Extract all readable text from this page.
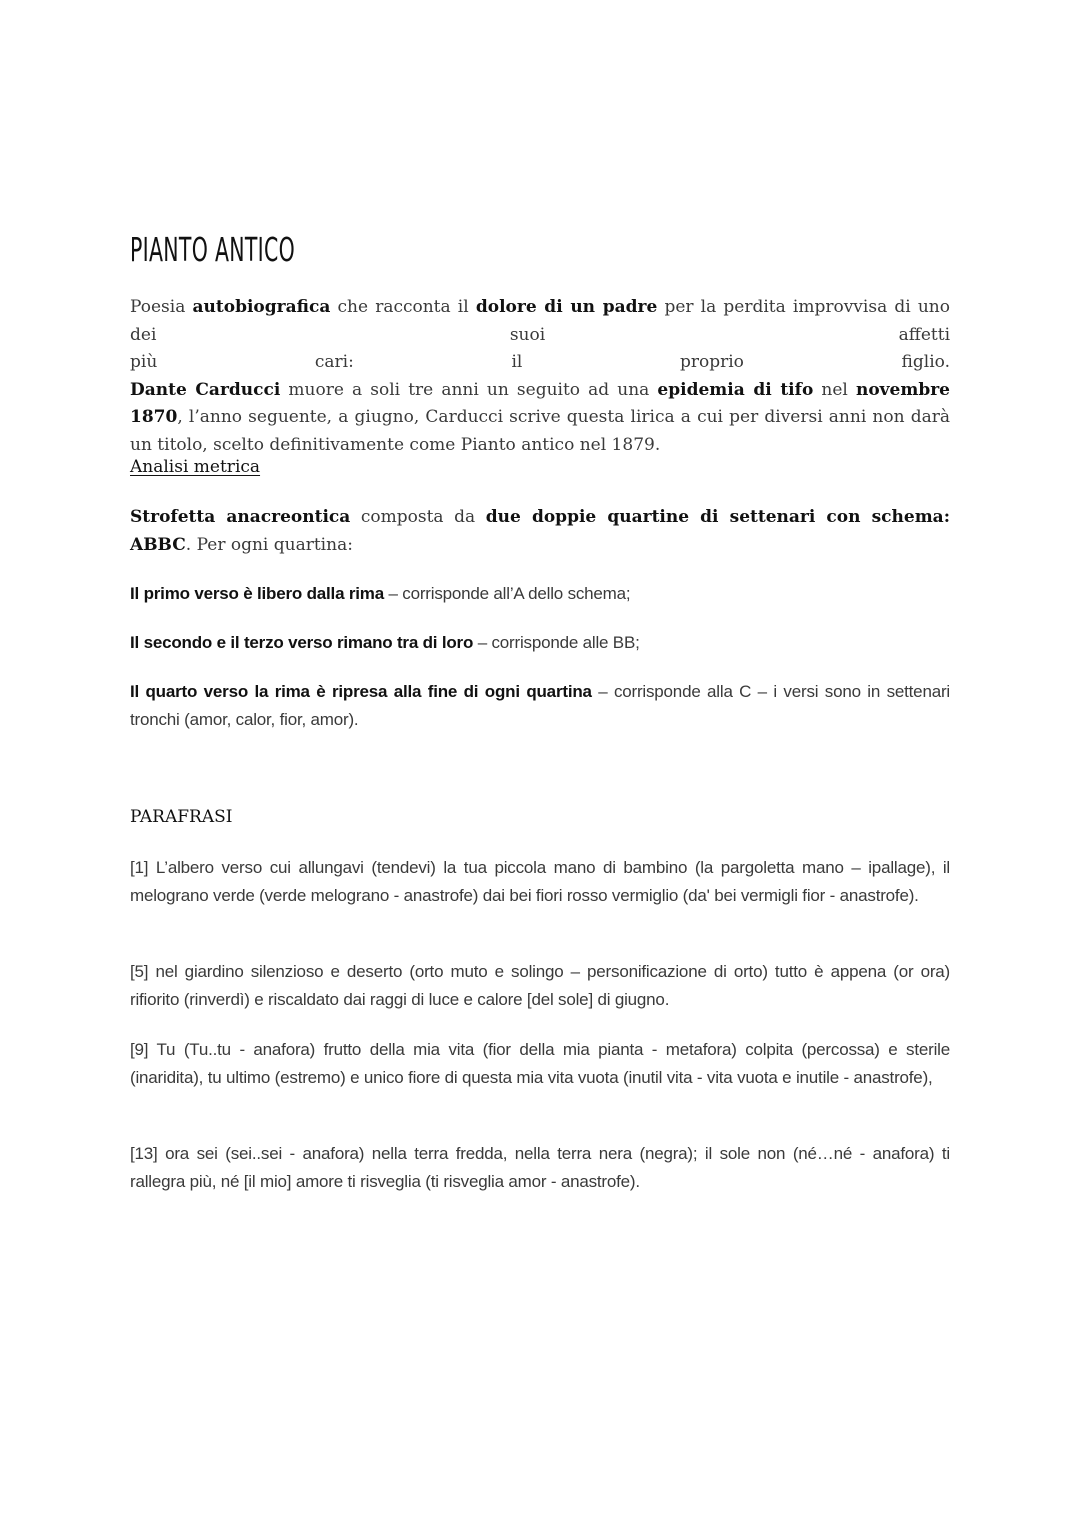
PIANTO ANTICO
Poesia autobiografica che racconta il dolore di un padre per la perdita improvvisa di uno dei suoi affetti
più cari: il proprio figlio.
Dante Carducci muore a soli tre anni un seguito ad una epidemia di tifo nel novembre 1870, l’anno seguente, a giugno, Carducci scrive questa lirica a cui per diversi anni non darà un titolo, scelto definitivamente come Pianto antico nel 1879.
Analisi metrica
Strofetta anacreontica composta da due doppie quartine di settenari con schema: ABBC. Per ogni quartina:
Il primo verso è libero dalla rima – corrisponde all’A dello schema;
Il secondo e il terzo verso rimano tra di loro – corrisponde alle BB;
Il quarto verso la rima è ripresa alla fine di ogni quartina – corrisponde alla C – i versi sono in settenari tronchi (amor, calor, fior, amor).
PARAFRASI
[1] L’albero verso cui allungavi (tendevi) la tua piccola mano di bambino (la pargoletta mano – ipallage), il melograno verde (verde melograno - anastrofe) dai bei fiori rosso vermiglio (da' bei vermigli fior - anastrofe).
[5] nel giardino silenzioso e deserto (orto muto e solingo – personificazione di orto) tutto è appena (or ora) rifiorito (rinverdì) e riscaldato dai raggi di luce e calore [del sole] di giugno.
[9] Tu (Tu..tu - anafora) frutto della mia vita (fior della mia pianta - metafora) colpita (percossa) e sterile (inaridita), tu ultimo (estremo) e unico fiore di questa mia vita vuota (inutil vita - vita vuota e inutile - anastrofe),
[13] ora sei (sei..sei - anafora) nella terra fredda, nella terra nera (negra); il sole non (né…né - anafora) ti rallegra più, né [il mio] amore ti risveglia (ti risveglia amor - anastrofe).
